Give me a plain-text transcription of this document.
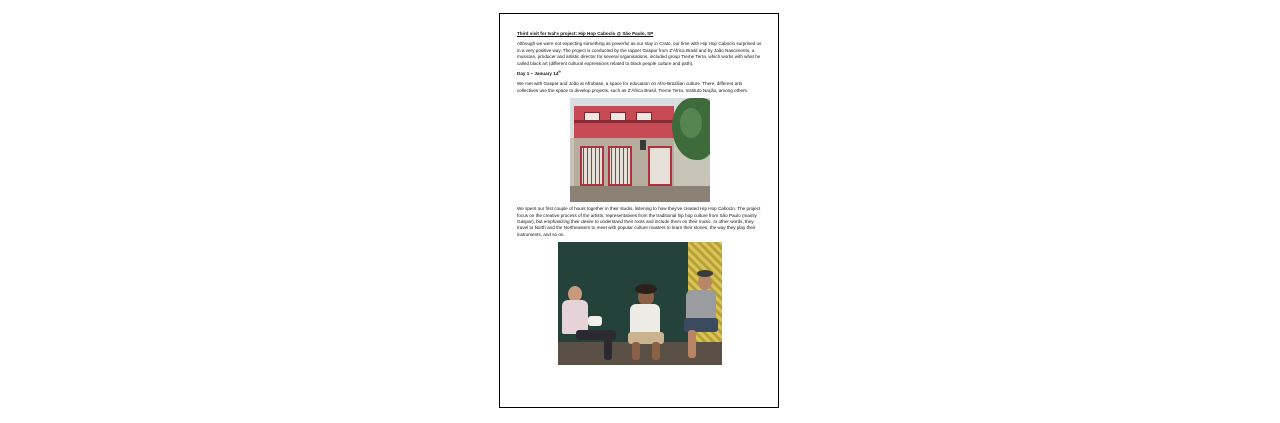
Third visit for Ival's project: Hip Hop Caboclo @ São Paulo, SP

Although we were not expecting something as powerful as our stay in Crato, our time with Hip Hop Caboclo surprised us in a very positive way. The project is conducted by the rapper Gaspar from Z'África Brasil and by João Nascimento, a musician, producer and artistic director for several organisations, included group Treme Terra, which works with what he called black art (different cultural expressions related to black people culture and path).

Day 1 – January 14th

We met with Gaspar and João at Afrobase, a space for education on Afro-Brazilian culture. There, different arts collectives use the space to develop projects, such as Z'África Brasil, Treme Terra, Instituto Nação, among others.

We spent our first couple of hours together in their studio, listening to how they've created Hip Hop Caboclo. The project focus on the creative process of the artists, representatives from the traditional hip hop culture from São Paulo (mainly Gaspar), but emphasizing their desire to understand their roots and include them on their music. In other words, they travel to North and the Northeastern to meet with popular culture masters to learn their stories, the way they play their instruments, and so on.
